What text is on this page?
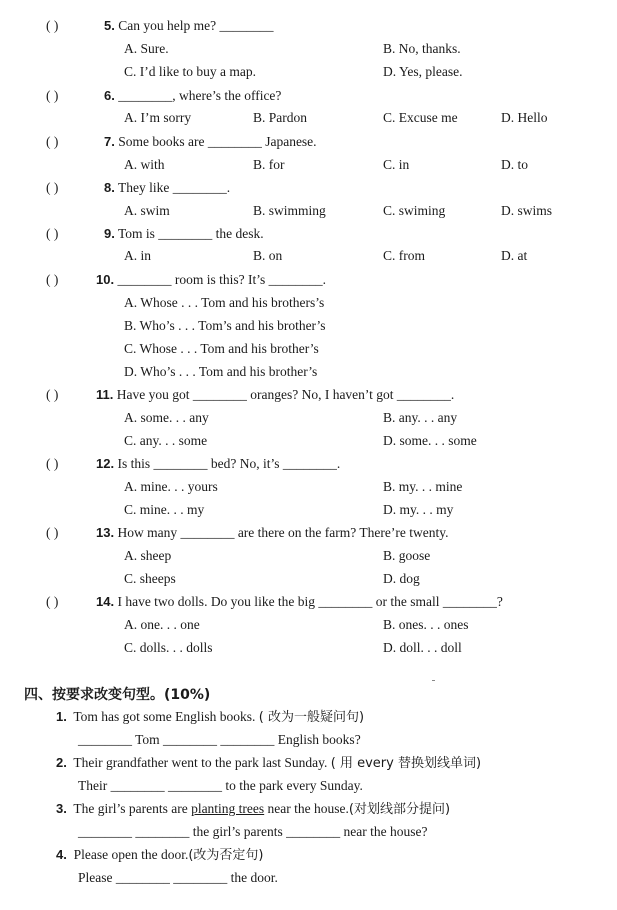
( )	5. Can you help me? ________
A. Sure.	B. No, thanks.
C. I’d like to buy a map.	D. Yes, please.
( )	6. ________, where’s the office?
A. I’m sorry	B. Pardon	C. Excuse me	D. Hello
( )	7. Some books are ________ Japanese.
A. with	B. for	C. in	D. to
( )	8. They like ________.
A. swim	B. swimming	C. swiming	D. swims
( )	9. Tom is ________ the desk.
A. in	B. on	C. from	D. at
( )	10. ________ room is this? It’s ________.
A. Whose . . . Tom and his brothers’s
B. Who’s . . . Tom’s and his brother’s
C. Whose . . . Tom and his brother’s
D. Who’s . . . Tom and his brother’s
( )	11. Have you got ________ oranges? No, I haven’t got ________.
A. some. . . any	B. any. . . any
C. any. . . some	D. some. . . some
( )	12. Is this ________ bed? No, it’s ________.
A. mine. . . yours	B. my. . . mine
C. mine. . . my	D. my. . . my
( )	13. How many ________ are there on the farm? There’re twenty.
A. sheep	B. goose
C. sheeps	D. dog
( )	14. I have two dolls. Do you like the big ________ or the small ________?
A. one. . . one	B. ones. . . ones
C. dolls. . . dolls	D. doll. . . doll
四、按要求改变句型。(10%)
1. Tom has got some English books. ( 改为一般疑问句)
________ Tom ________ ________ English books?
2. Their grandfather went to the park last Sunday. ( 用 every 替换划线单词)
Their ________ ________ to the park every Sunday.
3. The girl’s parents are planting trees near the house.(对划线部分提问)
________ ________ the girl’s parents ________ near the house?
4. Please open the door.(改为否定句)
Please ________ ________ the door.
